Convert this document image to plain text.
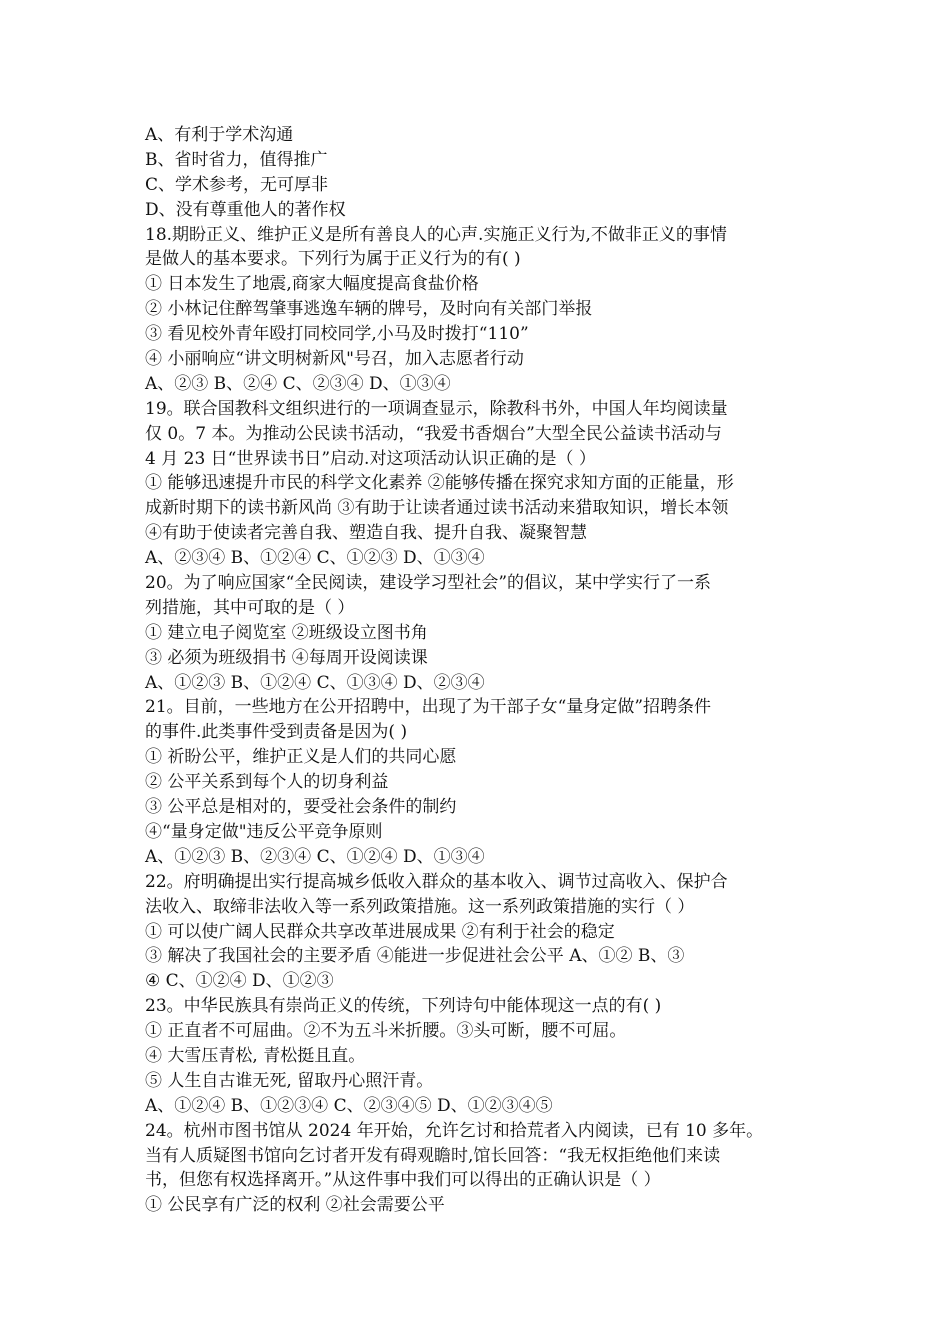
A、有利于学术沟通
B、省时省力，值得推广
C、学术参考，无可厚非
D、没有尊重他人的著作权
18.期盼正义、维护正义是所有善良人的心声.实施正义行为,不做非正义的事情
是做人的基本要求。下列行为属于正义行为的有( )
① 日本发生了地震,商家大幅度提高食盐价格
② 小林记住醉驾肇事逃逸车辆的牌号，及时向有关部门举报
③ 看见校外青年殴打同校同学,小马及时拨打“110”
④ 小丽响应“讲文明树新风"号召，加入志愿者行动
A、②③ B、②④ C、②③④ D、①③④
19。联合国教科文组织进行的一项调查显示，除教科书外，中国人年均阅读量
仅 0。7 本。为推动公民读书活动，“我爱书香烟台”大型全民公益读书活动与
4 月 23 日“世界读书日”启动.对这项活动认识正确的是（ ）
① 能够迅速提升市民的科学文化素养 ②能够传播在探究求知方面的正能量，形
成新时期下的读书新风尚 ③有助于让读者通过读书活动来猎取知识，增长本领
④有助于使读者完善自我、塑造自我、提升自我、凝聚智慧
A、②③④ B、①②④ C、①②③ D、①③④
20。为了响应国家“全民阅读，建设学习型社会”的倡议，某中学实行了一系
列措施，其中可取的是（ ）
① 建立电子阅览室 ②班级设立图书角
③ 必须为班级捐书 ④每周开设阅读课
A、①②③ B、①②④ C、①③④ D、②③④
21。目前，一些地方在公开招聘中，出现了为干部子女“量身定做”招聘条件
的事件.此类事件受到责备是因为( )
① 祈盼公平，维护正义是人们的共同心愿
② 公平关系到每个人的切身利益
③ 公平总是相对的，要受社会条件的制约
④“量身定做"违反公平竞争原则
A、①②③ B、②③④ C、①②④ D、①③④
22。府明确提出实行提高城乡低收入群众的基本收入、调节过高收入、保护合
法收入、取缔非法收入等一系列政策措施。这一系列政策措施的实行（ ）
① 可以使广阔人民群众共享改革进展成果 ②有利于社会的稳定
③ 解决了我国社会的主要矛盾 ④能进一步促进社会公平 A、①② B、③
④ C、①②④ D、①②③
23。中华民族具有崇尚正义的传统，下列诗句中能体现这一点的有( )
① 正直者不可屈曲。②不为五斗米折腰。③头可断，腰不可屈。
④ 大雪压青松, 青松挺且直。
⑤ 人生自古谁无死, 留取丹心照汗青。
A、①②④ B、①②③④ C、②③④⑤ D、①②③④⑤
24。杭州市图书馆从 2024 年开始，允许乞讨和拾荒者入内阅读，已有 10 多年。
当有人质疑图书馆向乞讨者开发有碍观瞻时,馆长回答：“我无权拒绝他们来读
书，但您有权选择离开。”从这件事中我们可以得出的正确认识是（ ）
① 公民享有广泛的权利 ②社会需要公平
